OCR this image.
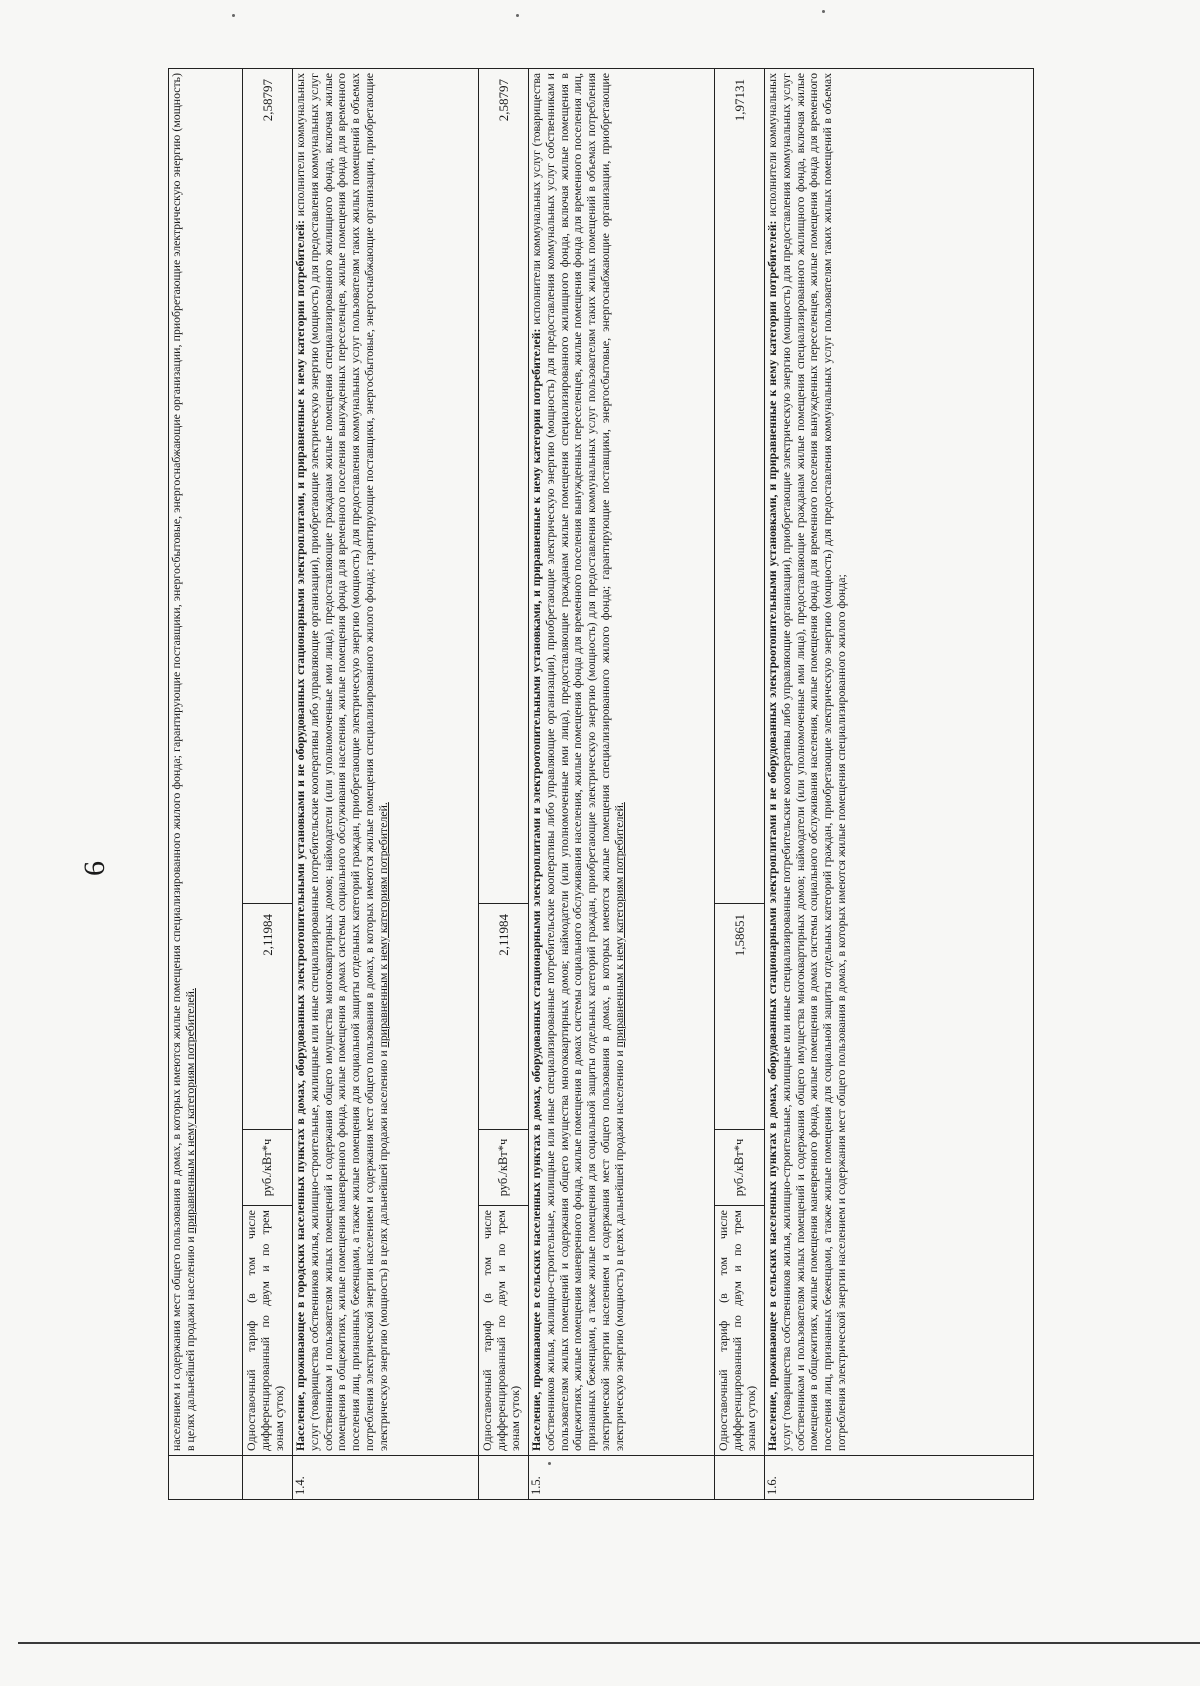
6
		населением и содержания мест общего пользования в домах, в которых имеются жилые помещения специализированного жилого фонда; гарантирующие поставщики, энергосбытовые, энергоснабжающие организации, приобретающие электрическую энергию (мощность) в целях дальнейшей продажи населению и приравненным к нему категориям потребителей.			
	Одноставочный тариф (в том числе дифференцированный по двум и по трем зонам суток)	руб./кВт*ч	2,11984	2,58797
1.4.	Население, проживающее в городских населенных пунктах в домах, оборудованных электроотопительными установками и не оборудованных стационарными электроплитами, и приравненные к нему категории потребителей: исполнители коммунальных услуг (товарищества собственников жилья, жилищно-строительные, жилищные или иные специализированные потребительские кооперативы либо управляющие организации), приобретающие электрическую энергию (мощность) для предоставления коммунальных услуг собственникам и пользователям жилых помещений и содержания общего имущества многоквартирных домов; наймодатели (или уполномоченные ими лица), предоставляющие гражданам жилые помещения специализированного жилищного фонда, включая жилые помещения в общежитиях, жилые помещения маневренного фонда, жилые помещения в домах системы социального обслуживания населения, жилые помещения фонда для временного поселения вынужденных переселенцев, жилые помещения фонда для временного поселения лиц, признанных беженцами, а также жилые помещения для социальной защиты отдельных категорий граждан, приобретающие электрическую энергию (мощность) для предоставления коммунальных услуг пользователям таких жилых помещений в объемах потребления электрической энергии населением и содержания мест общего пользования в домах, в которых имеются жилые помещения специализированного жилого фонда; гарантирующие поставщики, энергосбытовые, энергоснабжающие организации, приобретающие электрическую энергию (мощность) в целях дальнейшей продажи населению и приравненным к нему категориям потребителей.			
	Одноставочный тариф (в том числе дифференцированный по двум и по трем зонам суток)	руб./кВт*ч	2,11984	2,58797
1.5.	Население, проживающее в сельских населенных пунктах в домах, оборудованных стационарными электроплитами и электроотопительными установками, и приравненные к нему категории потребителей: исполнители коммунальных услуг (товарищества собственников жилья, жилищно-строительные, жилищные или иные специализированные потребительские кооперативы либо управляющие организации), приобретающие электрическую энергию (мощность) для предоставления коммунальных услуг собственникам и пользователям жилых помещений и содержания общего имущества многоквартирных домов; наймодатели (или уполномоченные ими лица), предоставляющие гражданам жилые помещения специализированного жилищного фонда, включая жилые помещения в общежитиях, жилые помещения маневренного фонда, жилые помещения в домах системы социального обслуживания населения, жилые помещения фонда для временного поселения вынужденных переселенцев, жилые помещения фонда для временного поселения лиц, признанных беженцами, а также жилые помещения для социальной защиты отдельных категорий граждан, приобретающие электрическую энергию (мощность) для предоставления коммунальных услуг пользователям таких жилых помещений в объемах потребления электрической энергии населением и содержания мест общего пользования в домах, в которых имеются жилые помещения специализированного жилого фонда; гарантирующие поставщики, энергосбытовые, энергоснабжающие организации, приобретающие электрическую энергию (мощность) в целях дальнейшей продажи населению и приравненным к нему категориям потребителей.			
	Одноставочный тариф (в том числе дифференцированный по двум и по трем зонам суток)	руб./кВт*ч	1,58651	1,97131
1.6.	Население, проживающее в сельских населенных пунктах в домах, оборудованных стационарными электроплитами и не оборудованных электроотопительными установками, и приравненные к нему категории потребителей: исполнители коммунальных услуг (товарищества собственников жилья, жилищно-строительные, жилищные или иные специализированные потребительские кооперативы либо управляющие организации), приобретающие электрическую энергию (мощность) для предоставления коммунальных услуг собственникам и пользователям жилых помещений и содержания общего имущества многоквартирных домов; наймодатели (или уполномоченные ими лица), предоставляющие гражданам жилые помещения специализированного жилищного фонда, включая жилые помещения в общежитиях, жилые помещения маневренного фонда, жилые помещения в домах системы социального обслуживания населения, жилые помещения фонда для временного поселения вынужденных переселенцев, жилые помещения фонда для временного поселения лиц, признанных беженцами, а также жилые помещения для социальной защиты отдельных категорий граждан, приобретающие электрическую энергию (мощность) для предоставления коммунальных услуг пользователям таких жилых помещений в объемах потребления электрической энергии населением и содержания мест общего пользования в домах, в которых имеются жилые помещения специализированного жилого фонда;			
